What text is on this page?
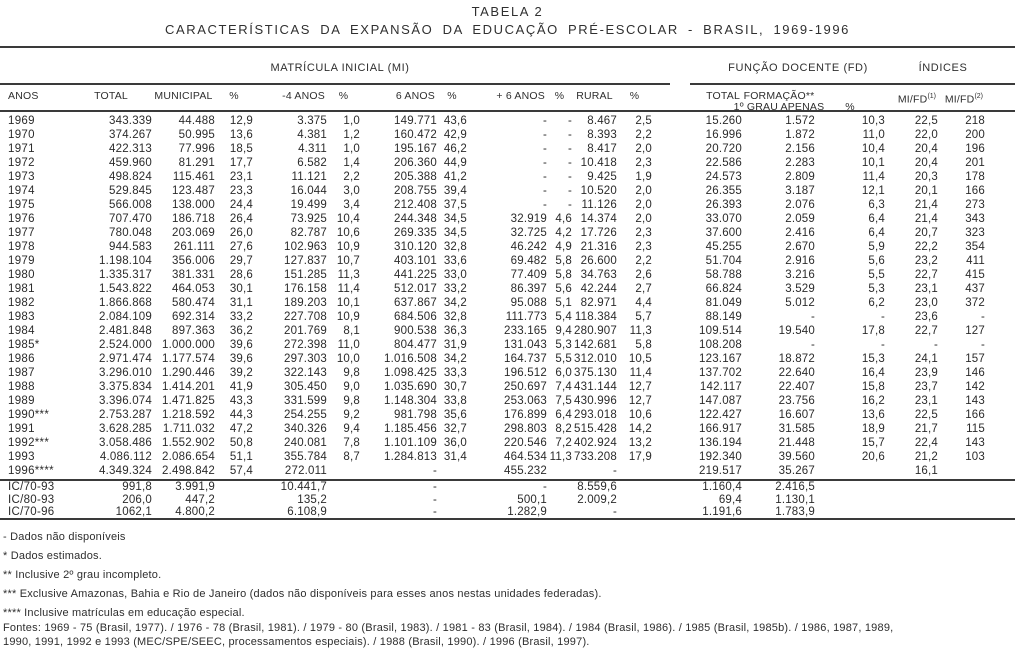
TABELA 2
CARACTERÍSTICAS DA EXPANSÃO DA EDUCAÇÃO PRÉ-ESCOLAR - BRASIL, 1969-1996
MATRÍCULA INICIAL (MI)	FUNÇÃO DOCENTE (FD)	ÍNDICES
ANOS	TOTAL	MUNICIPAL	%	-4 ANOS	%	6 ANOS	%	+ 6 ANOS	%	RURAL	%	TOTAL	FORMAÇÃO**
1º GRAU APENAS	%	MI/FD$^{(1)}$	MI/FD$^{(2)}$	
1969	343.339	44.488	12,9	3.375	1,0	149.771	43,6	-	-	8.467	2,5	15.260	1.572	10,3	22,5	218	
1970	374.267	50.995	13,6	4.381	1,2	160.472	42,9	-	-	8.393	2,2	16.996	1.872	11,0	22,0	200	
1971	422.313	77.996	18,5	4.311	1,0	195.167	46,2	-	-	8.417	2,0	20.720	2.156	10,4	20,4	196	
1972	459.960	81.291	17,7	6.582	1,4	206.360	44,9	-	-	10.418	2,3	22.586	2.283	10,1	20,4	201	
1973	498.824	115.461	23,1	11.121	2,2	205.388	41,2	-	-	9.425	1,9	24.573	2.809	11,4	20,3	178	
1974	529.845	123.487	23,3	16.044	3,0	208.755	39,4	-	-	10.520	2,0	26.355	3.187	12,1	20,1	166	
1975	566.008	138.000	24,4	19.499	3,4	212.408	37,5	-	-	11.126	2,0	26.393	2.076	6,3	21,4	273	
1976	707.470	186.718	26,4	73.925	10,4	244.348	34,5	32.919	4,6	14.374	2,0	33.070	2.059	6,4	21,4	343	
1977	780.048	203.069	26,0	82.787	10,6	269.335	34,5	32.725	4,2	17.726	2,3	37.600	2.416	6,4	20,7	323	
1978	944.583	261.111	27,6	102.963	10,9	310.120	32,8	46.242	4,9	21.316	2,3	45.255	2.670	5,9	22,2	354	
1979	1.198.104	356.006	29,7	127.837	10,7	403.101	33,6	69.482	5,8	26.600	2,2	51.704	2.916	5,6	23,2	411	
1980	1.335.317	381.331	28,6	151.285	11,3	441.225	33,0	77.409	5,8	34.763	2,6	58.788	3.216	5,5	22,7	415	
1981	1.543.822	464.053	30,1	176.158	11,4	512.017	33,2	86.397	5,6	42.244	2,7	66.824	3.529	5,3	23,1	437	
1982	1.866.868	580.474	31,1	189.203	10,1	637.867	34,2	95.088	5,1	82.971	4,4	81.049	5.012	6,2	23,0	372	
1983	2.084.109	692.314	33,2	227.708	10,9	684.506	32,8	111.773	5,4	118.384	5,7	88.149	-	-	23,6	-	
1984	2.481.848	897.363	36,2	201.769	8,1	900.538	36,3	233.165	9,4	280.907	11,3	109.514	19.540	17,8	22,7	127	
1985*	2.524.000	1.000.000	39,6	272.398	11,0	804.477	31,9	131.043	5,3	142.681	5,8	108.208	-	-	-	-	
1986	2.971.474	1.177.574	39,6	297.303	10,0	1.016.508	34,2	164.737	5,5	312.010	10,5	123.167	18.872	15,3	24,1	157	
1987	3.296.010	1.290.446	39,2	322.143	9,8	1.098.425	33,3	196.512	6,0	375.130	11,4	137.702	22.640	16,4	23,9	146	
1988	3.375.834	1.414.201	41,9	305.450	9,0	1.035.690	30,7	250.697	7,4	431.144	12,7	142.117	22.407	15,8	23,7	142	
1989	3.396.074	1.471.825	43,3	331.599	9,8	1.148.304	33,8	253.063	7,5	430.996	12,7	147.087	23.756	16,2	23,1	143	
1990***	2.753.287	1.218.592	44,3	254.255	9,2	981.798	35,6	176.899	6,4	293.018	10,6	122.427	16.607	13,6	22,5	166	
1991	3.628.285	1.711.032	47,2	340.326	9,4	1.185.456	32,7	298.803	8,2	515.428	14,2	166.917	31.585	18,9	21,7	115	
1992***	3.058.486	1.552.902	50,8	240.081	7,8	1.101.109	36,0	220.546	7,2	402.924	13,2	136.194	21.448	15,7	22,4	143	
1993	4.086.112	2.086.654	51,1	355.784	8,7	1.284.813	31,4	464.534	11,3	733.208	17,9	192.340	39.560	20,6	21,2	103	
1996****	4.349.324	2.498.842	57,4	272.011		-		455.232		-		219.517	35.267		16,1		

IC/70-93	991,8	3.991,9		10.441,7		-		-		8.559,6		1.160,4	2.416,5				
IC/80-93	206,0	447,2		135,2		-		500,1		2.009,2		69,4	1.130,1				
IC/70-96	1062,1	4.800,2		6.108,9		-		1.282,9		-		1.191,6	1.783,9				
- Dados não disponíveis
* Dados estimados.
** Inclusive 2º grau incompleto.
*** Exclusive Amazonas, Bahia e Rio de Janeiro (dados não disponíveis para esses anos nestas unidades federadas).
**** Inclusive matrículas em educação especial.
Fontes: 1969 - 75 (Brasil, 1977). / 1976 - 78 (Brasil, 1981). / 1979 - 80 (Brasil, 1983). / 1981 - 83 (Brasil, 1984). / 1984 (Brasil, 1986). / 1985 (Brasil, 1985b). / 1986, 1987, 1989,
1990, 1991, 1992 e 1993 (MEC/SPE/SEEC, processamentos especiais). / 1988 (Brasil, 1990). / 1996 (Brasil, 1997).
